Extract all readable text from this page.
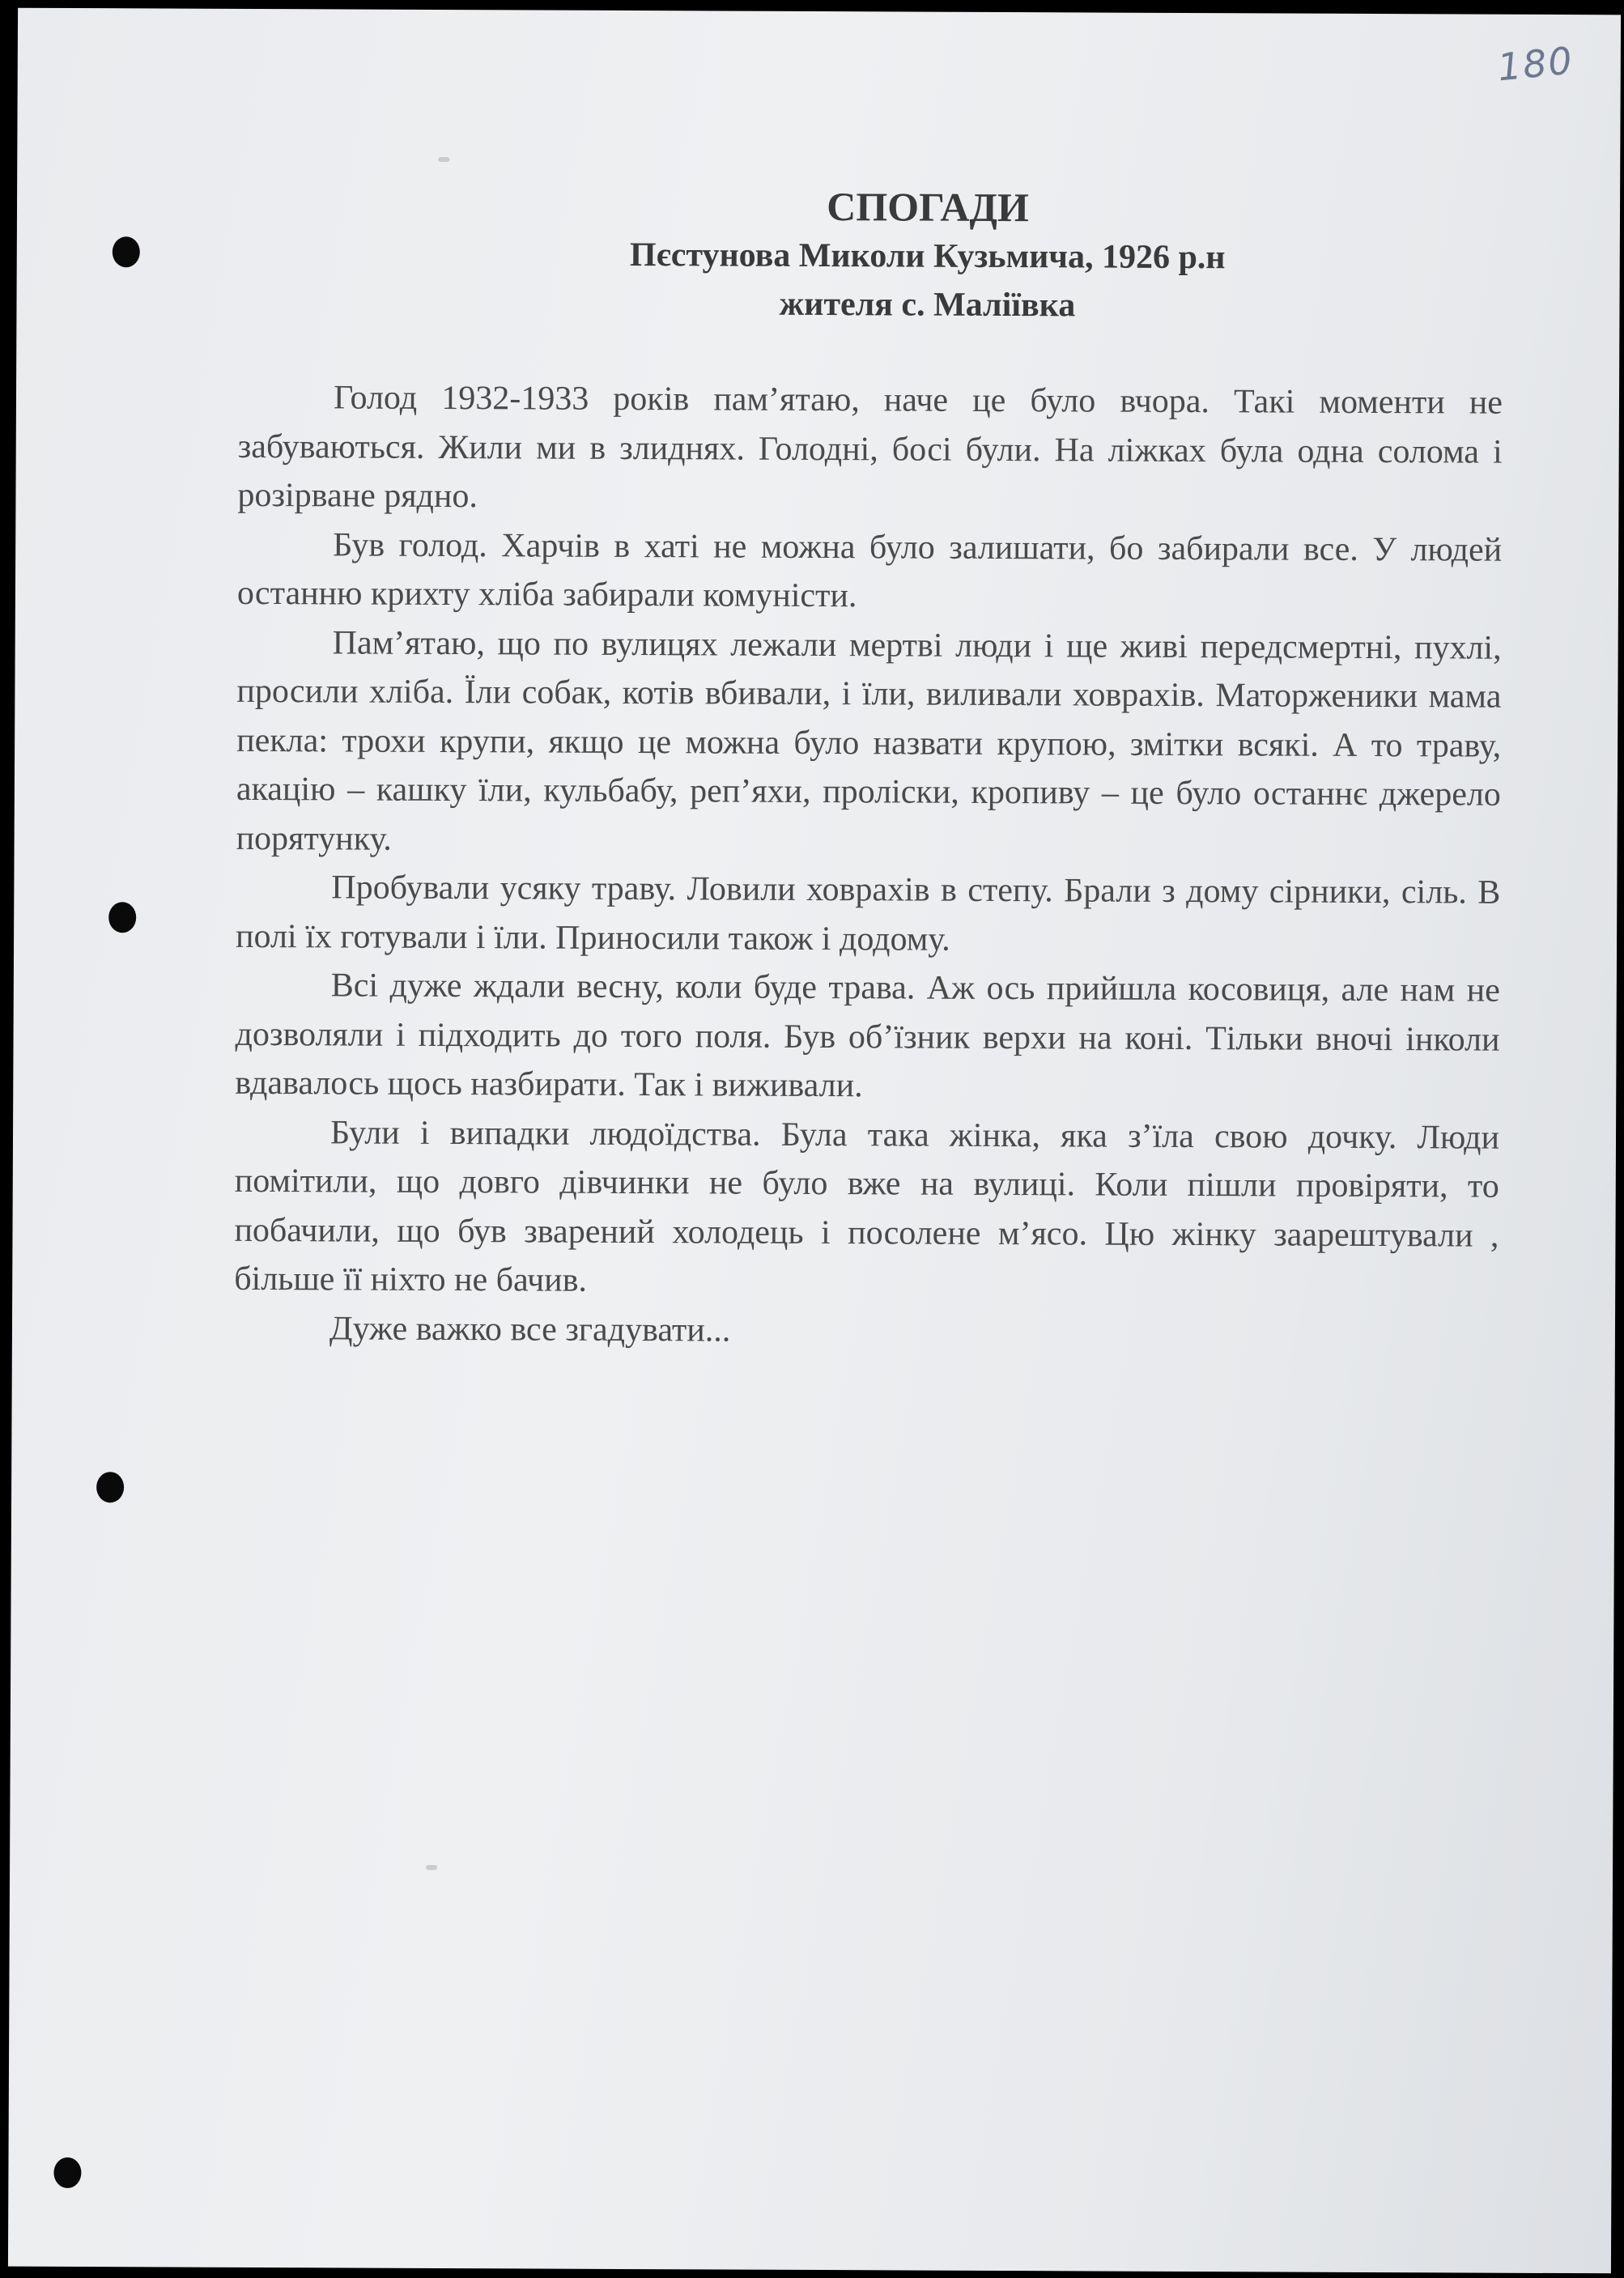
180
СПОГАДИ
Пєстунова Миколи Кузьмича, 1926 р.н
жителя с. Маліївка

Голод 1932-1933 років пам’ятаю, наче це було вчора. Такі моменти не забуваються. Жили ми в злиднях. Голодні, босі були. На ліжках була одна солома і розірване рядно.

Був голод. Харчів в хаті не можна було залишати, бо забирали все. У людей останню крихту хліба забирали комуністи.

Пам’ятаю, що по вулицях лежали мертві люди і ще живі передсмертні, пухлі, просили хліба. Їли собак, котів вбивали, і їли, виливали ховрахів. Маторженики мама пекла: трохи крупи, якщо це можна було назвати крупою, змітки всякі. А то траву, акацію – кашку їли, кульбабу, реп’яхи, проліски, кропиву – це було останнє джерело порятунку.

Пробували усяку траву. Ловили ховрахів в степу. Брали з дому сірники, сіль. В полі їх готували і їли. Приносили також і додому.

Всі дуже ждали весну, коли буде трава. Аж ось прийшла косовиця, але нам не дозволяли і підходить до того поля. Був об’їзник верхи на коні. Тільки вночі інколи вдавалось щось назбирати. Так і виживали.

Були і випадки людоїдства. Була така жінка, яка з’їла свою дочку. Люди помітили, що довго дівчинки не було вже на вулиці. Коли пішли провіряти, то побачили, що був зварений холодець і посолене м’ясо. Цю жінку заарештували , більше її ніхто не бачив.

Дуже важко все згадувати...
